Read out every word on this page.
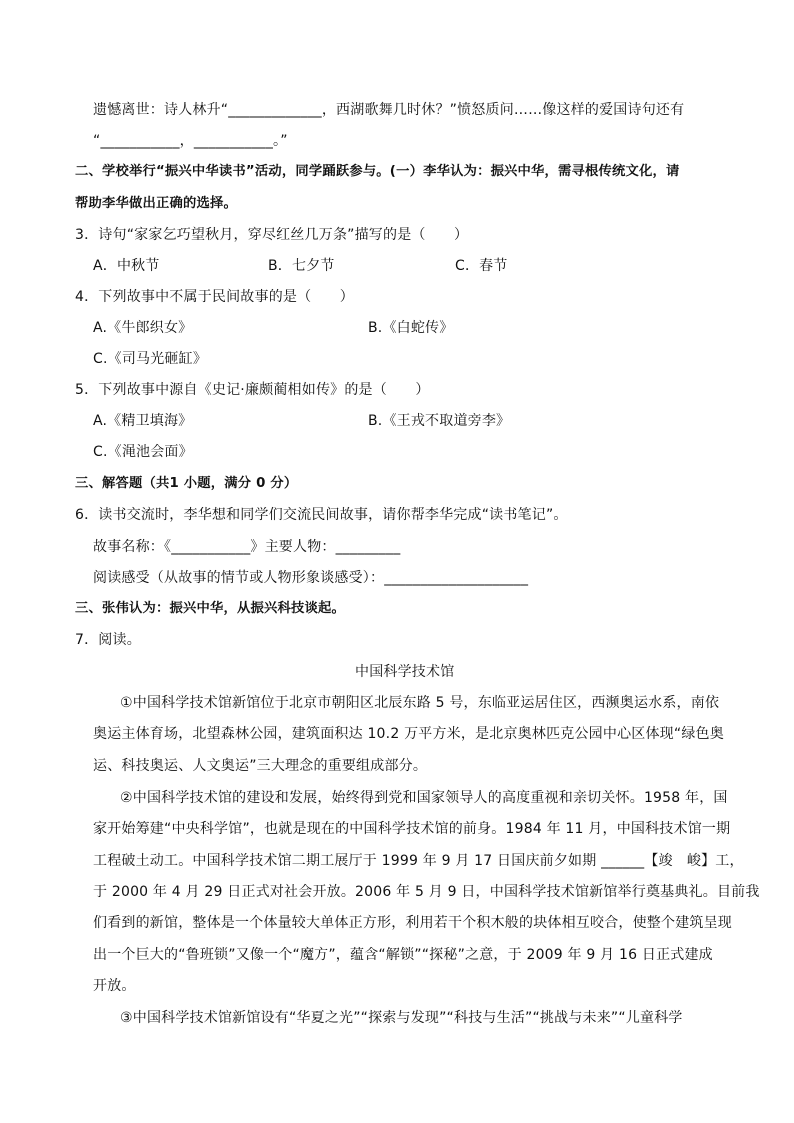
遗憾离世：诗人林升“_____________，西湖歌舞几时休？”愤怒质问……像这样的爱国诗句还有
“___________，___________。”
二、学校举行“振兴中华读书”活动，同学踊跃参与。(一）李华认为：振兴中华，需寻根传统文化，请
帮助李华做出正确的选择。
3．诗句“家家乞巧望秋月，穿尽红丝几万条”描写的是（　　）
A．中秋节	B．七夕节	C．春节
4．下列故事中不属于民间故事的是（　　）
A.《牛郎织女》	B.《白蛇传》
C.《司马光砸缸》
5．下列故事中源自《史记·廉颇蔺相如传》的是（　　）
A.《精卫填海》	B.《王戎不取道旁李》
C.《渑池会面》
三、解答题（共1 小题，满分 0 分）
6．读书交流时，李华想和同学们交流民间故事，请你帮李华完成“读书笔记”。
故事名称：《___________》主要人物：_________
阅读感受（从故事的情节或人物形象谈感受）：____________________
三、张伟认为：振兴中华，从振兴科技谈起。
7．阅读。
中国科学技术馆
①中国科学技术馆新馆位于北京市朝阳区北辰东路 5 号，东临亚运居住区，西濒奥运水系，南依
奥运主体育场，北望森林公园，建筑面积达 10.2 万平方米，是北京奥林匹克公园中心区体现“绿色奥
运、科技奥运、人文奥运”三大理念的重要组成部分。
②中国科学技术馆的建设和发展，始终得到党和国家领导人的高度重视和亲切关怀。1958 年，国
家开始筹建“中央科学馆”，也就是现在的中国科学技术馆的前身。1984 年 11 月，中国科技术馆一期
工程破土动工。中国科学技术馆二期工展厅于 1999 年 9 月 17 日国庆前夕如期 ______【竣　峻】工，
于 2000 年 4 月 29 日正式对社会开放。2006 年 5 月 9 日，中国科学技术馆新馆举行奠基典礼。目前我
们看到的新馆，整体是一个体量较大单体正方形，利用若干个积木般的块体相互咬合，使整个建筑呈现
出一个巨大的“鲁班锁”又像一个“魔方”，蕴含“解锁”“探秘”之意，于 2009 年 9 月 16 日正式建成
开放。
③中国科学技术馆新馆设有“华夏之光”“探索与发现”“科技与生活”“挑战与未来”“儿童科学
